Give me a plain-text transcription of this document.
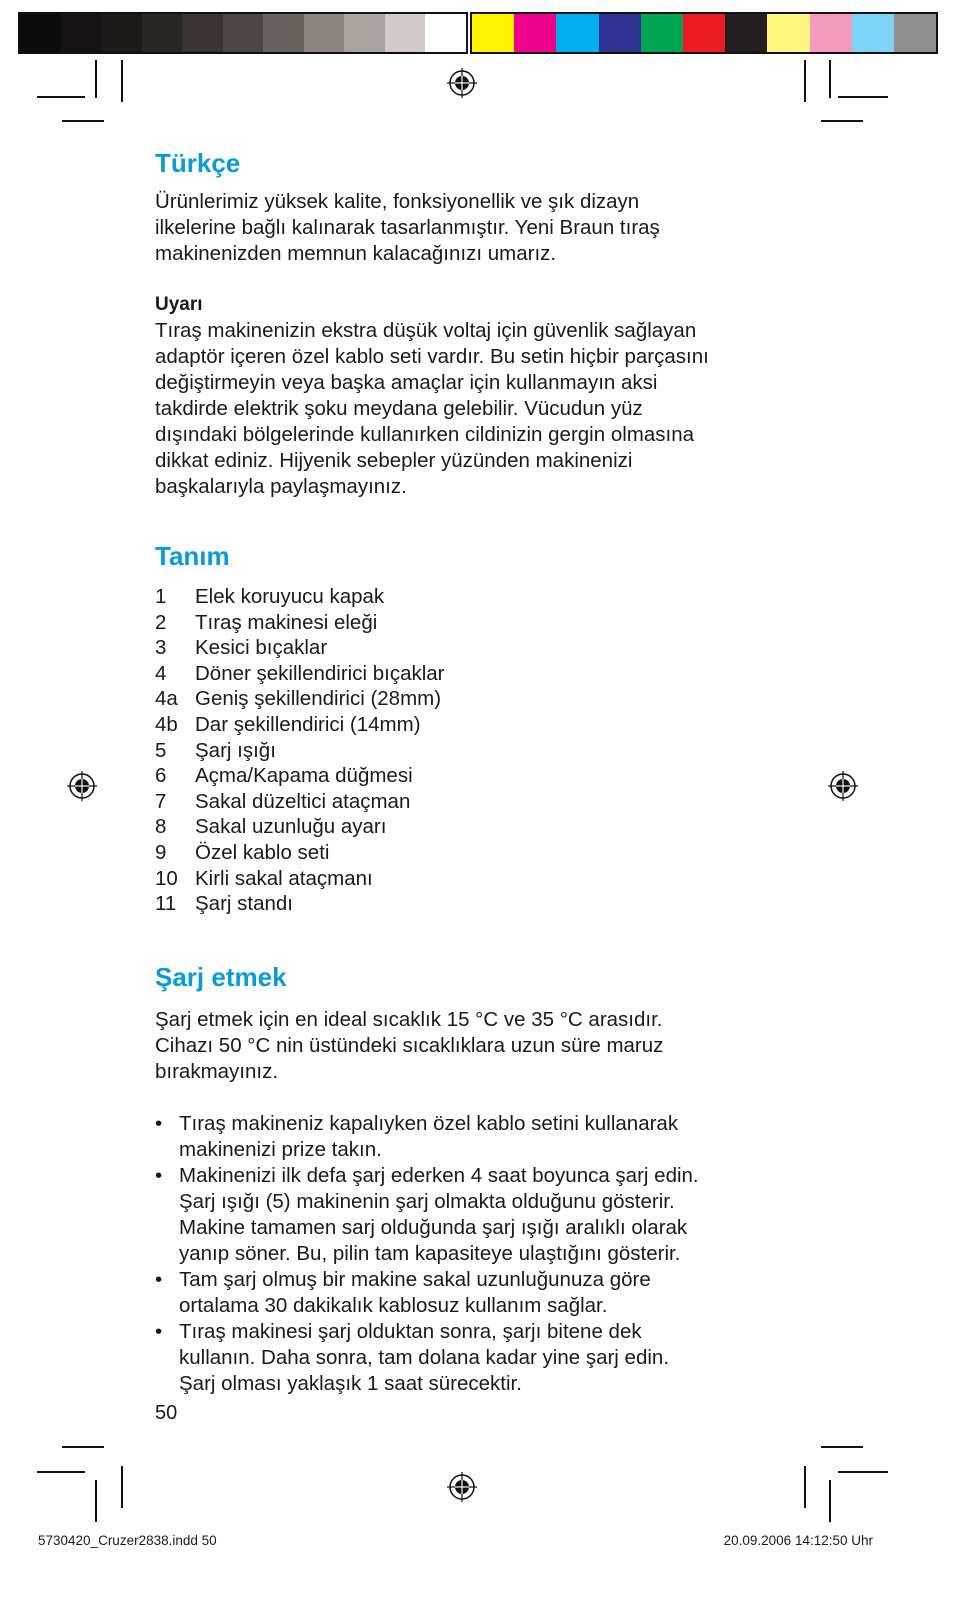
Türkçe

Ürünlerimiz yüksek kalite, fonksiyonellik ve şık dizayn

ilkelerine bağlı kalınarak tasarlanmıştır. Yeni Braun tıraş

makinenizden memnun kalacağınızı umarız.

Uyarı

Tıraş makinenizin ekstra düşük voltaj için güvenlik sağlayan

adaptör içeren özel kablo seti vardır. Bu setin hiçbir parçasını

değiştirmeyin veya başka amaçlar için kullanmayın aksi

takdirde elektrik şoku meydana gelebilir. Vücudun yüz

dışındaki bölgelerinde kullanırken cildinizin gergin olmasına

dikkat ediniz. Hijyenik sebepler yüzünden makinenizi

başkalarıyla paylaşmayınız.

Tanım
1	Elek koruyucu kapak
2	Tıraş makinesi eleği
3	Kesici bıçaklar
4	Döner şekillendirici bıçaklar
4a Geniş şekillendirici (28mm)
4b Dar şekillendirici (14mm)
5	Şarj ışığı
6	Açma/Kapama düğmesi
7	Sakal düzeltici ataçman
8	Sakal uzunluğu ayarı
9	Özel kablo seti
10 Kirli sakal ataçmanı
11 Şarj standı
Şarj etmek

Şarj etmek için en ideal sıcaklık 15 °C ve 35 °C arasıdır.

Cihazı 50 °C nin üstündeki sıcaklıklara uzun süre maruz

bırakmayınız.

• Tıraş makineniz kapalıyken özel kablo setini kullanarak
makinenizi prize takın.
• Makinenizi ilk defa şarj ederken 4 saat boyunca şarj edin.
Şarj ışığı (5) makinenin şarj olmakta olduğunu gösterir.
Makine tamamen sarj olduğunda şarj ışığı aralıklı olarak
yanıp söner. Bu, pilin tam kapasiteye ulaştığını gösterir.
• Tam şarj olmuş bir makine sakal uzunluğunuza göre
ortalama 30 dakikalık kablosuz kullanım sağlar.
• Tıraş makinesi şarj olduktan sonra, şarjı bitene dek
kullanın. Daha sonra, tam dolana kadar yine şarj edin.
Şarj olması yaklaşık 1 saat sürecektir.
50
5730420_Cruzer2838.indd 50	20.09.2006 14:12:50 Uhr
